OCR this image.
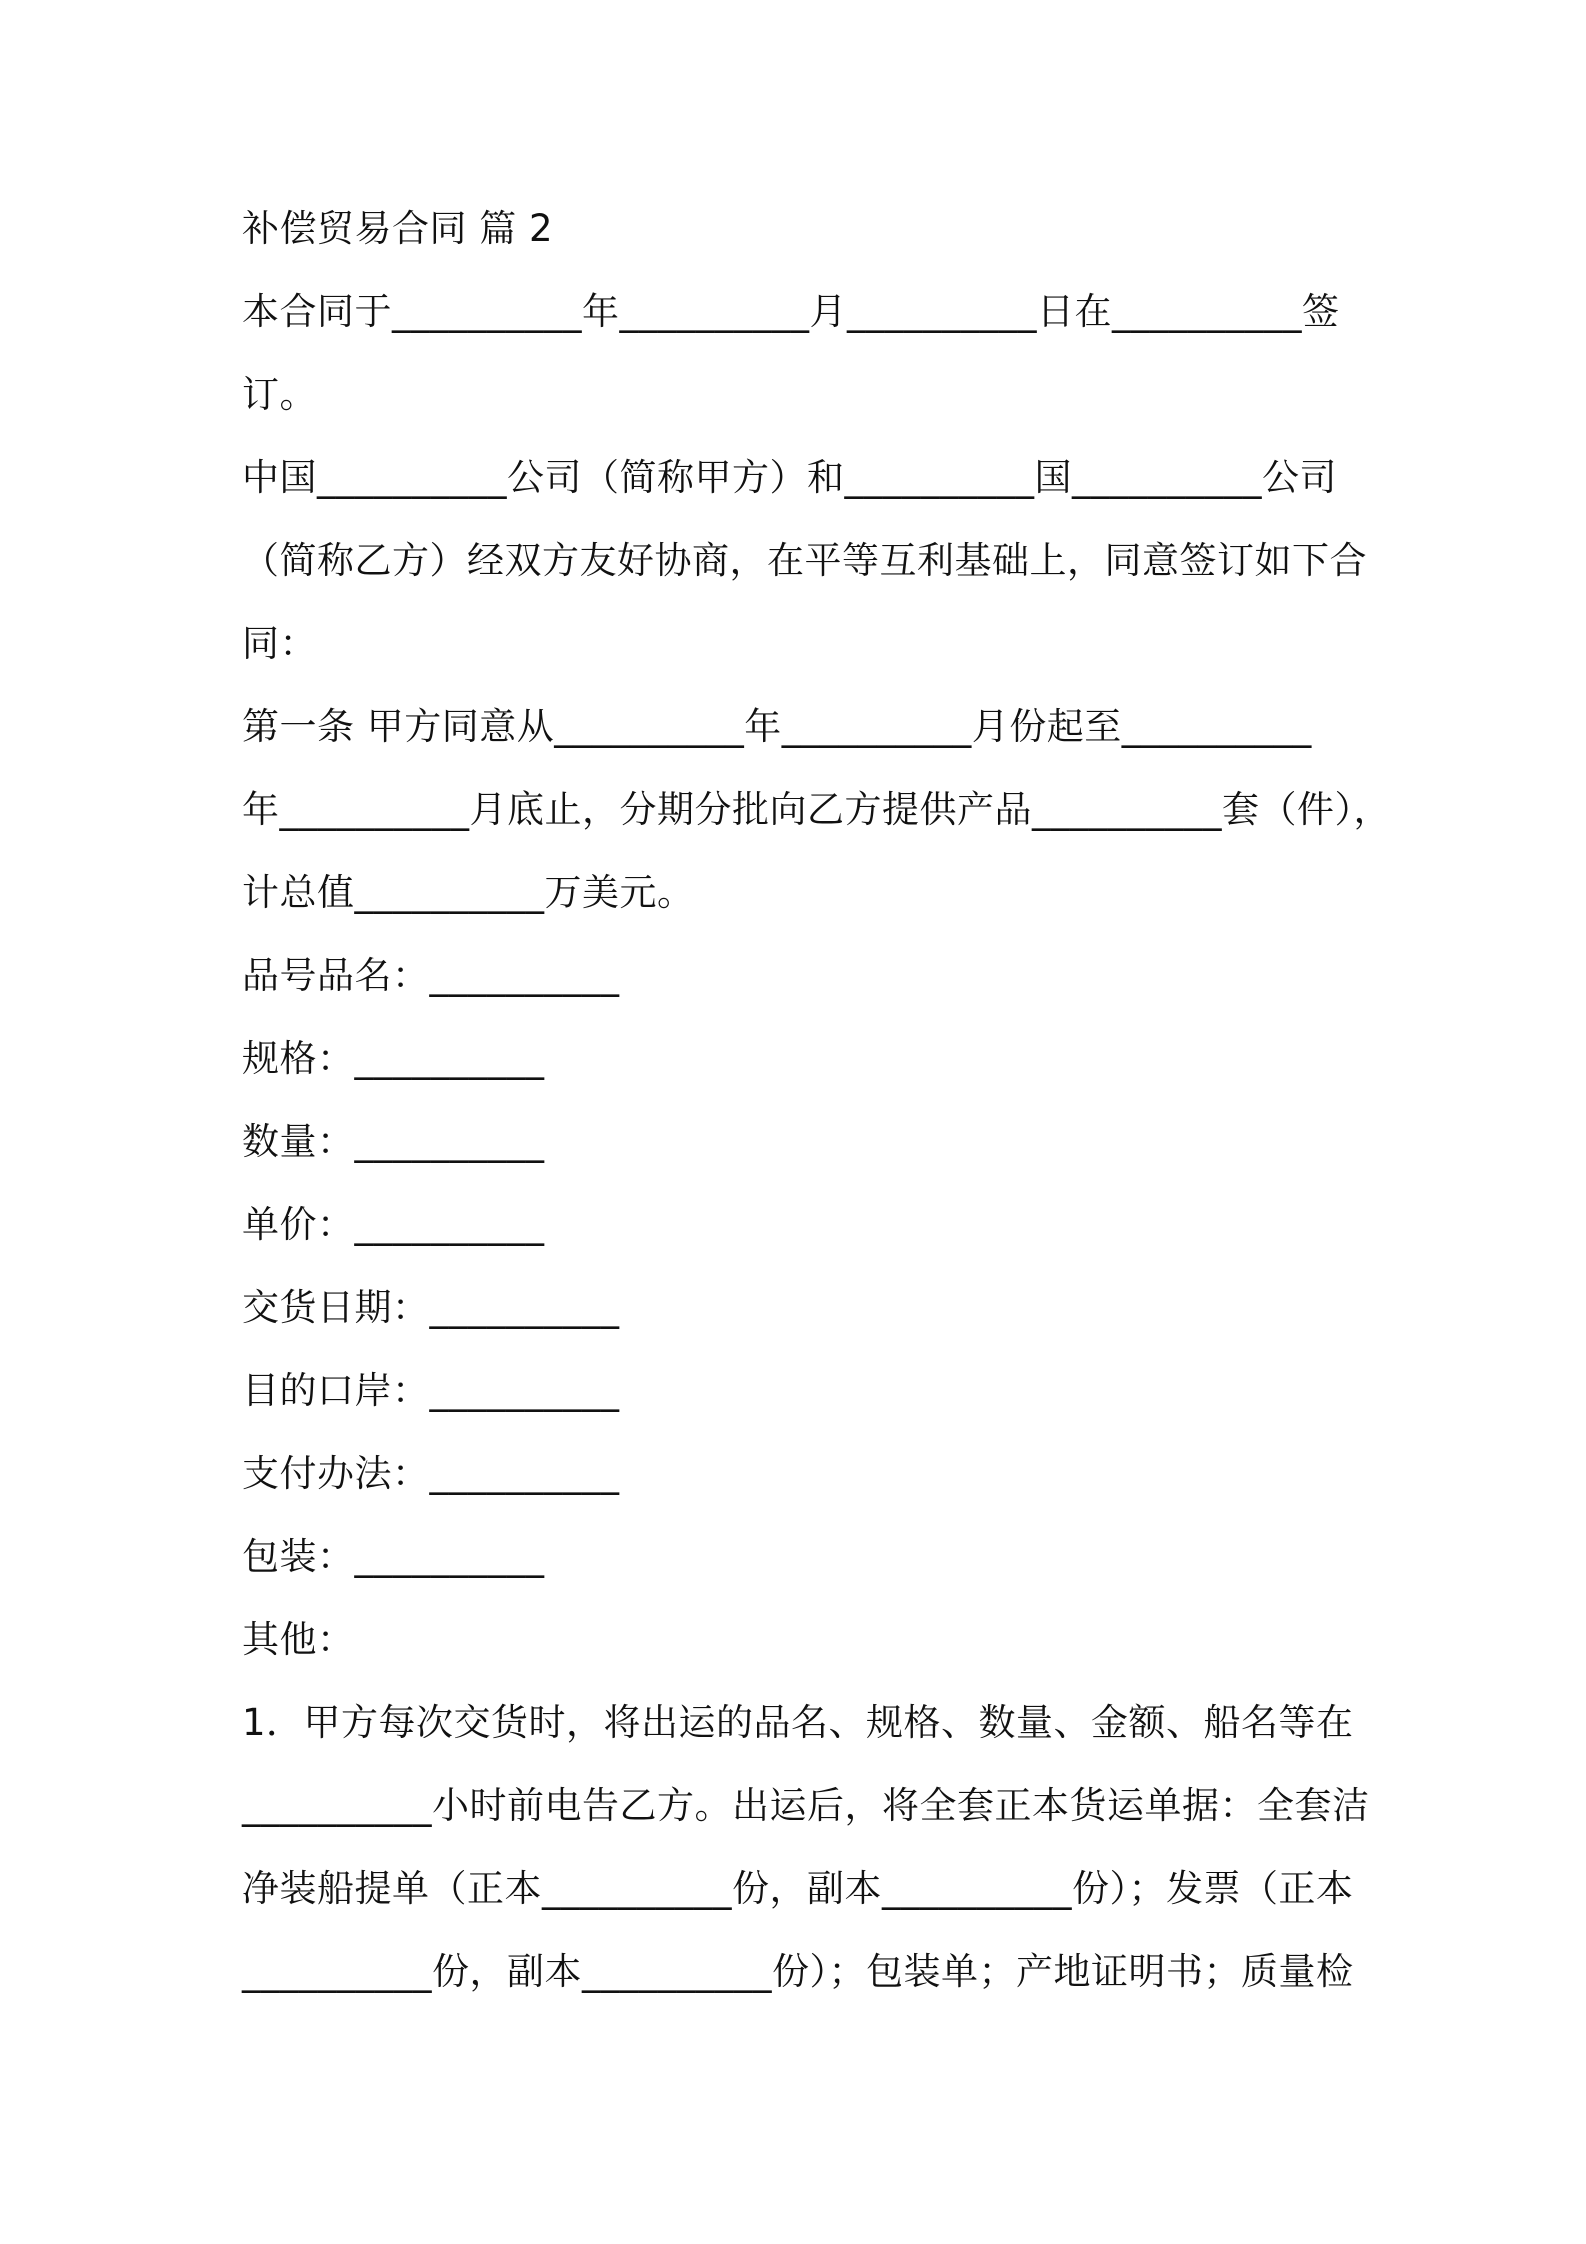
补偿贸易合同 篇 2
本合同于__________年__________月__________日在__________签
订。
中国__________公司（简称甲方）和__________国__________公司
（简称乙方）经双方友好协商，在平等互利基础上，同意签订如下合
同：
第一条 甲方同意从__________年__________月份起至__________
年__________月底止，分期分批向乙方提供产品__________套（件），
计总值__________万美元。
品号品名：__________
规格：__________
数量：__________
单价：__________
交货日期：__________
目的口岸：__________
支付办法：__________
包装：__________
其他：
1．甲方每次交货时，将出运的品名、规格、数量、金额、船名等在
__________小时前电告乙方。出运后，将全套正本货运单据：全套洁
净装船提单（正本__________份，副本__________份）；发票（正本
__________份，副本__________份）；包装单；产地证明书；质量检
